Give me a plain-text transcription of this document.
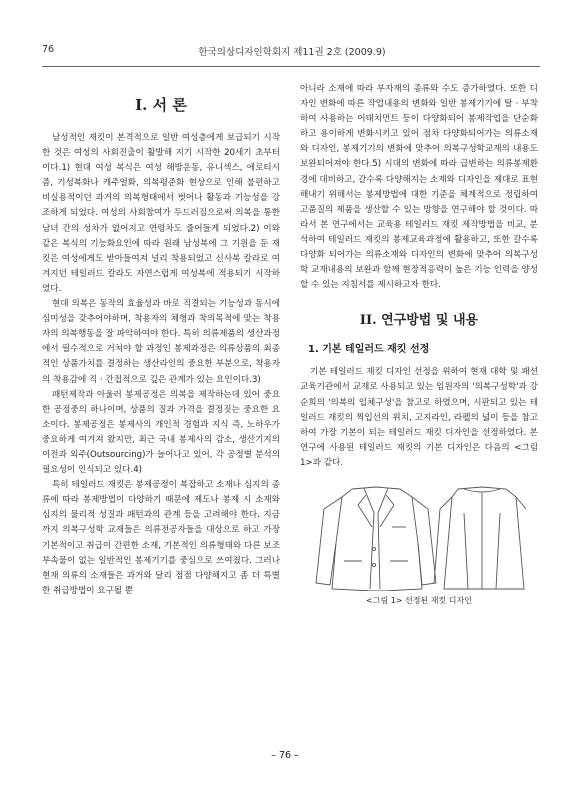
76	한국의상디자인학회지 제11권 2호 (2009.9)
I. 서 론

남성적인 재킷이 본격적으로 일반 여성층에게 보급되기 시작한 것은 여성의 사회진출이 활발해 지기 시작한 20세기 초부터이다.1) 현대 여성 복식은 여성 해방운동, 유니섹스, 에로티시즘, 기성복화나 캐주얼화, 의복평준화 현상으로 인해 불편하고 비실용적이던 과거의 의복형태에서 벗어나 활동과 기능성을 강조하게 되었다. 여성의 사회참여가 두드러짐으로써 의복을 통한 남녀 간의 성차가 없어지고 연령차도 줄어들게 되었다.2) 이와 같은 복식의 기능화요인에 따라 원래 남성복에 그 기원을 둔 재킷은 여성에게도 받아들여져 널리 착용되었고 신사복 칼라로 여겨지던 테일러드 칼라도 자연스럽게 여성복에 적용되기 시작하였다.

현대 의복은 동작의 효율성과 바로 직결되는 기능성과 동시에 심미성을 갖추어야하며, 착용자의 체형과 착의목적에 맞는 착용자의 의복행동을 잘 파악하여야 한다. 특히 의류제품의 생산과정에서 필수적으로 거쳐야 할 과정인 봉제과정은 의류상품의 최종적인 상품가치를 결정하는 생산라인의 중요한 부분으로, 착용자의 착용감에 직 · 간접적으로 깊은 관계가 있는 요인이다.3)

패턴제작과 아울러 봉제공정은 의복을 제작하는데 있어 중요한 공정중의 하나이며, 상품의 질과 가격을 결정짓는 중요한 요소이다. 봉제공정은 봉제사의 개인적 경험과 지식 즉, 노하우가 중요하게 여겨져 왔지만, 최근 국내 봉제사의 감소, 생산기지의 이전과 외주(Outsourcing)가 늘어나고 있어, 각 공정별 분석의 필요성이 인식되고 있다.4)

특히 테일러드 재킷은 봉제공정이 복잡하고 소재나 심지의 종류에 따라 봉제방법이 다양하기 때문에 제도나 봉제 시 소재와 심지의 물리적 성질과 패턴과의 관계 등을 고려해야 한다. 지금까지 의복구성학 교재들은 의류전공자들을 대상으로 하고 가장 기본적이고 취급이 간편한 소재, 기본적인 의류형태와 다른 보조부속물이 없는 일반적인 봉제기기를 중심으로 쓰여졌다. 그러나 현재 의류의 소재들은 과거와 달리 점점 다양해지고 좀 더 특별한 취급방법이 요구될 뿐

아니라 소재에 따라 부자재의 종류와 수도 증가하였다. 또한 디자인 변화에 따른 작업내용의 변화와 일반 봉제기기에 탈 · 부착하여 사용하는 어태치먼트 등이 다양화되어 봉제작업을 단순화하고 용이하게 변화시키고 있어 점차 다양화되어가는 의류소재와 디자인, 봉제기기의 변화에 맞추어 의복구성학교재의 내용도 보완되어져야 한다.5) 시대의 변화에 따라 급변하는 의류봉제환경에 대비하고, 갈수록 다양해지는 소재와 디자인을 제대로 표현해내기 위해서는 봉제방법에 대한 기준을 체계적으로 정립하여 고품질의 제품을 생산할 수 있는 방향을 연구해야 할 것이다. 따라서 본 연구에서는 교육용 테일러드 재킷 제작방법을 비교, 분석하여 테일러드 재킷의 봉제교육과정에 활용하고, 또한 갈수록 다양화 되어가는 의류소재와 디자인의 변화에 맞추어 의복구성학 교재내용의 보완과 함께 현장적응력이 높은 기능 인력을 양성할 수 있는 지침서를 제시하고자 한다.

II. 연구방법 및 내용
1. 기본 테일러드 재킷 선정

기본 테일러드 재킷 디자인 선정을 위하여 현재 대학 및 패션 교육기관에서 교재로 사용되고 있는 임원자의 '의복구성학'과 강순희의 '의복의 입체구성'을 참고로 하였으며, 시판되고 있는 테일러드 재킷의 찍입선의 위치, 고지라인, 라펠의 넓이 등을 참고하여 가장 기본이 되는 테일러드 재킷 디자인을 선정하였다. 본 연구에 사용된 테일러드 재킷의 기본 디자인은 다음의 <그림 1>과 같다.

<그림 1> 선정된 재킷 디자인
– 76 –
